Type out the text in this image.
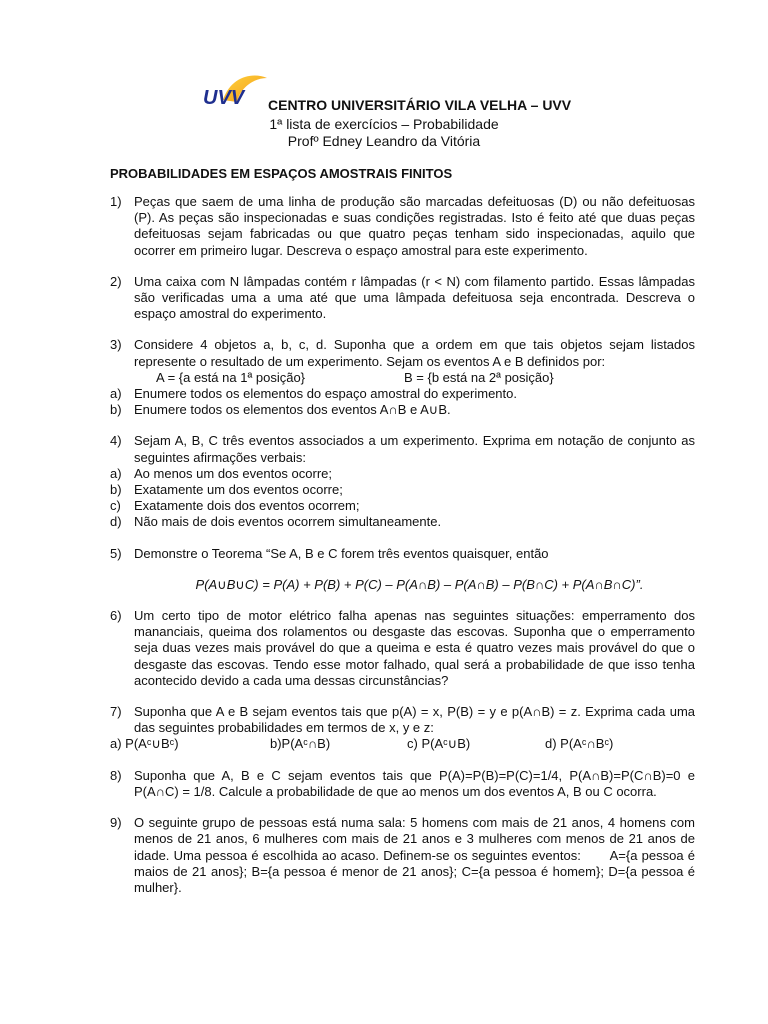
UVV CENTRO UNIVERSITÁRIO VILA VELHA – UVV
1ª lista de exercícios – Probabilidade
Profº Edney Leandro da Vitória
PROBABILIDADES EM ESPAÇOS AMOSTRAIS FINITOS
1) Peças que saem de uma linha de produção são marcadas defeituosas (D) ou não defeituosas (P). As peças são inspecionadas e suas condições registradas. Isto é feito até que duas peças defeituosas sejam fabricadas ou que quatro peças tenham sido inspecionadas, aquilo que ocorrer em primeiro lugar. Descreva o espaço amostral para este experimento.
2) Uma caixa com N lâmpadas contém r lâmpadas (r < N) com filamento partido. Essas lâmpadas são verificadas uma a uma até que uma lâmpada defeituosa seja encontrada. Descreva o espaço amostral do experimento.
3) Considere 4 objetos a, b, c, d. Suponha que a ordem em que tais objetos sejam listados represente o resultado de um experimento. Sejam os eventos A e B definidos por:
A = {a está na 1ª posição}	B = {b está na 2ª posição}
a) Enumere todos os elementos do espaço amostral do experimento.
b) Enumere todos os elementos dos eventos A∩B e A∪B.
4) Sejam A, B, C três eventos associados a um experimento. Exprima em notação de conjunto as seguintes afirmações verbais:
a) Ao menos um dos eventos ocorre;
b) Exatamente um dos eventos ocorre;
c)	Exatamente dois dos eventos ocorrem;
d) Não mais de dois eventos ocorrem simultaneamente.
5) Demonstre o Teorema “Se A, B e C forem três eventos quaisquer, então
P(A∪B∪C) = P(A) + P(B) + P(C) – P(A∩B) – P(A∩B) – P(B∩C) + P(A∩B∩C)”.
6) Um certo tipo de motor elétrico falha apenas nas seguintes situações: emperramento dos mananciais, queima dos rolamentos ou desgaste das escovas. Suponha que o emperramento seja duas vezes mais provável do que a queima e esta é quatro vezes mais provável do que o desgaste das escovas. Tendo esse motor falhado, qual será a probabilidade de que isso tenha acontecido devido a cada uma dessas circunstâncias?
7) Suponha que A e B sejam eventos tais que p(A) = x, P(B) = y e p(A∩B) = z. Exprima cada uma das seguintes probabilidades em termos de x, y e z:
a) P(Aᶜ∪Bᶜ)	b)P(Aᶜ∩B)	c) P(Aᶜ∪B)	d) P(Aᶜ∩Bᶜ)
8) Suponha que A, B e C sejam eventos tais que P(A)=P(B)=P(C)=1/4, P(A∩B)=P(C∩B)=0 e P(A∩C) = 1/8. Calcule a probabilidade de que ao menos um dos eventos A, B ou C ocorra.
9) O seguinte grupo de pessoas está numa sala: 5 homens com mais de 21 anos, 4 homens com menos de 21 anos, 6 mulheres com mais de 21 anos e 3 mulheres com menos de 21 anos de idade. Uma pessoa é escolhida ao acaso. Definem-se os seguintes eventos:       A={a pessoa é maios de 21 anos}; B={a pessoa é menor de 21 anos}; C={a pessoa é homem}; D={a pessoa é mulher}.
